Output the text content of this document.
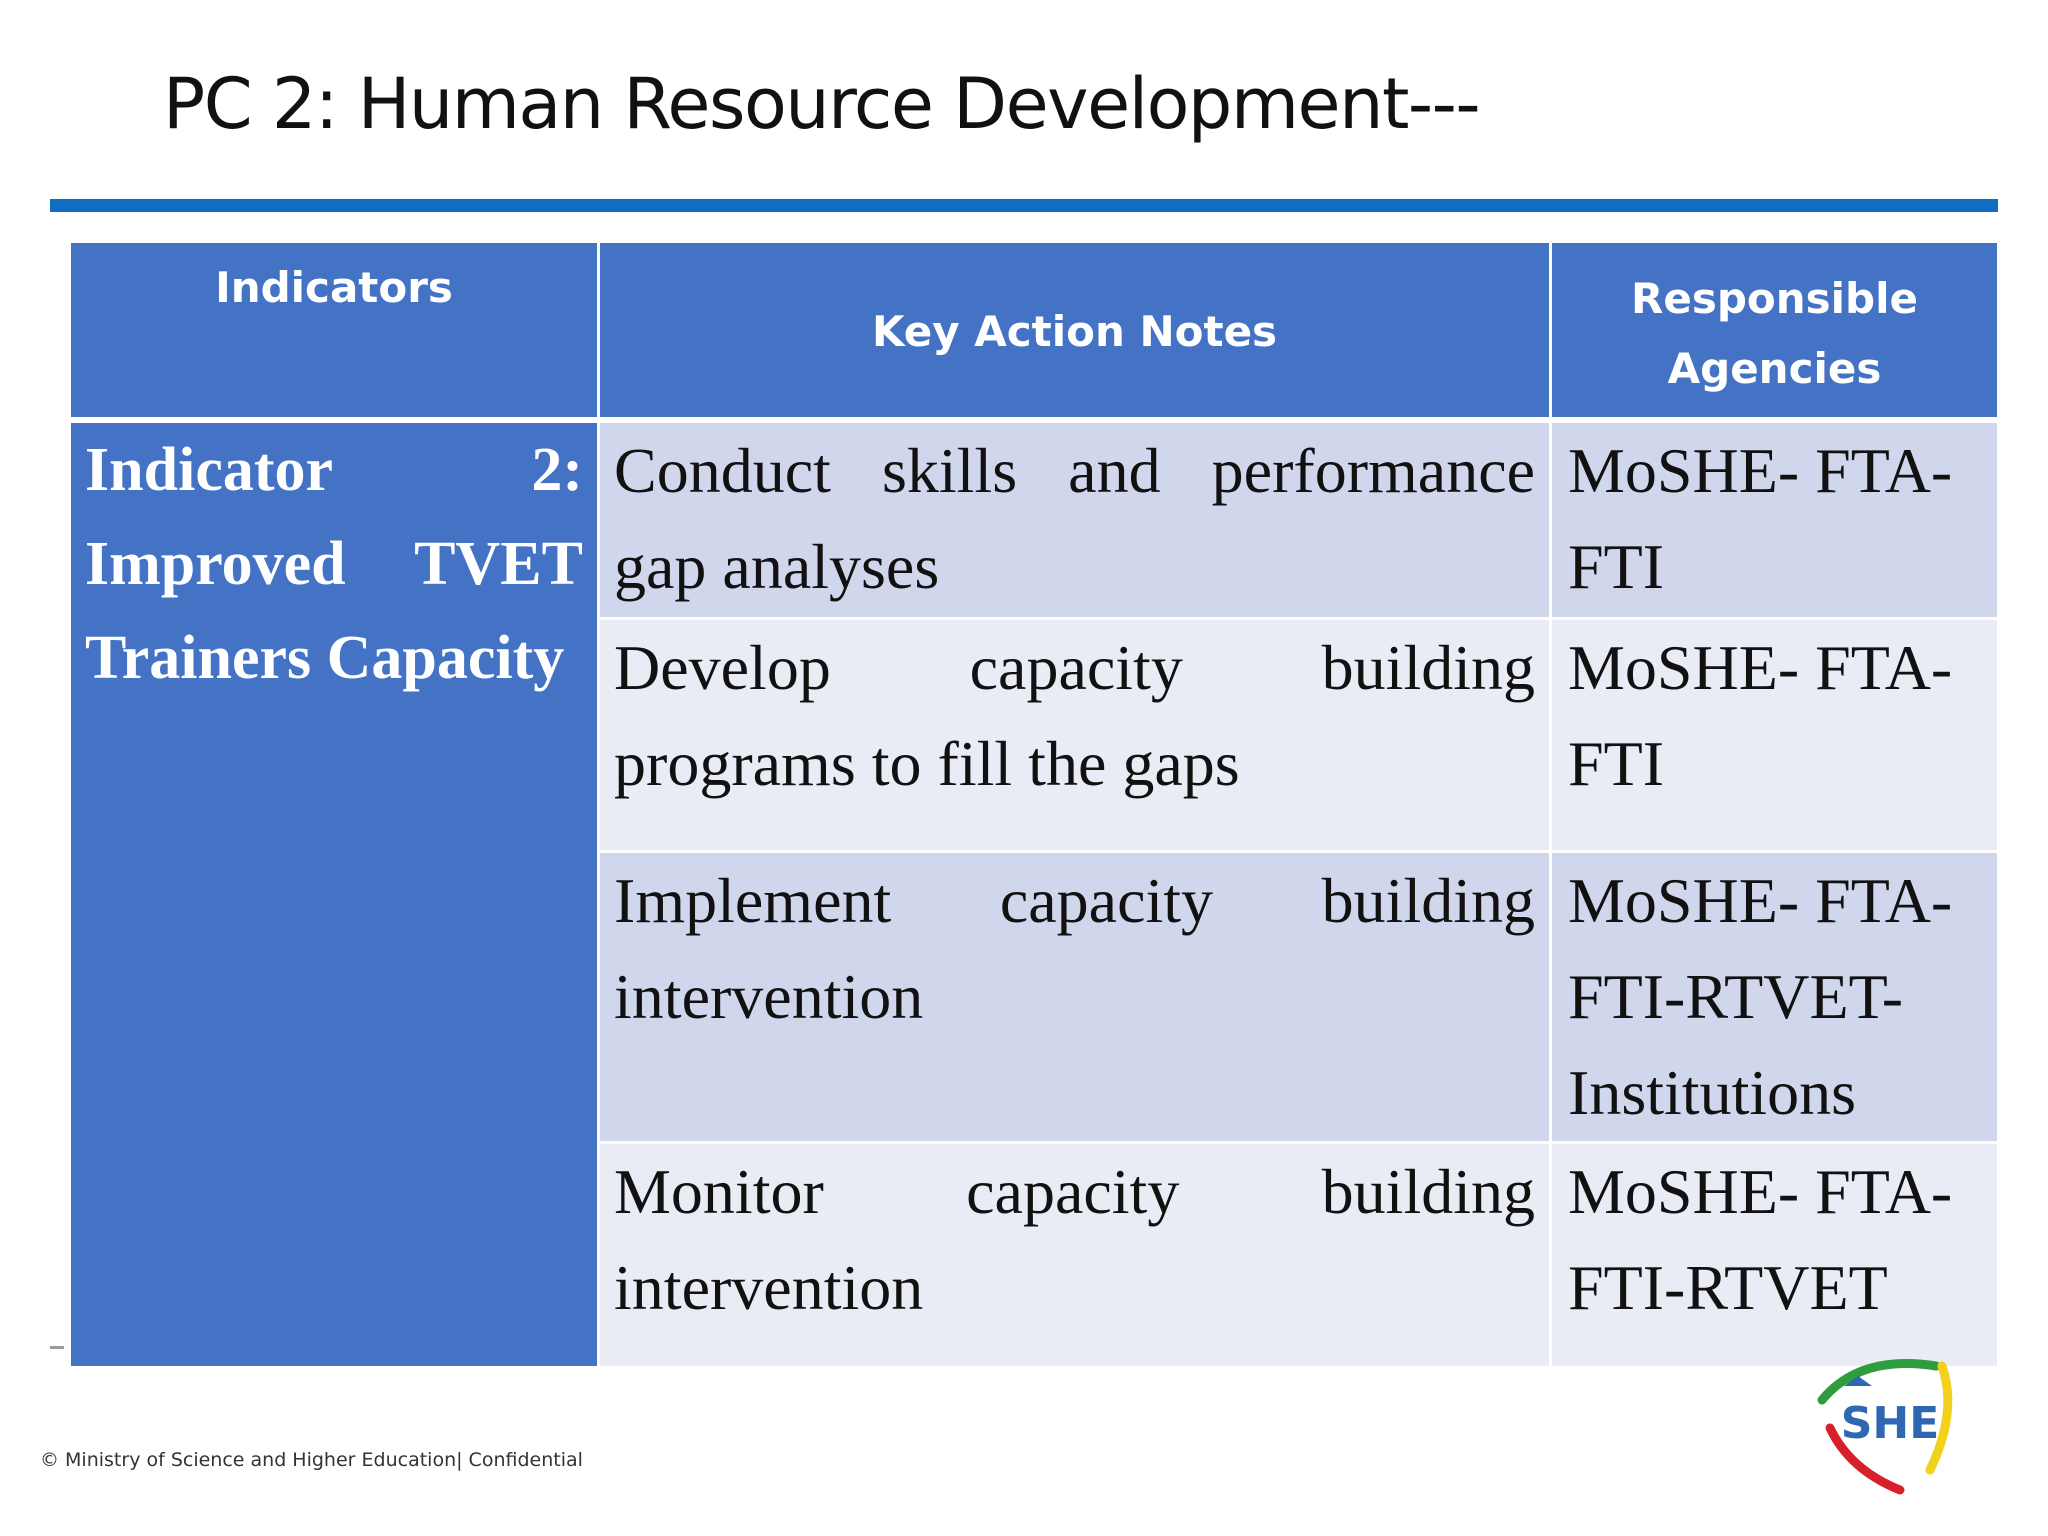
PC 2: Human Resource Development---
Indicators	Key Action Notes	Responsible
Agencies
Indicator 2: Improved TVET Trainers Capacity	Conduct skills and performance gap analyses	MoSHE- FTA-FTI
	Develop capacity building programs to fill the gaps	MoSHE- FTA-FTI
	Implement capacity building intervention	MoSHE- FTA-FTI-RTVET-Institutions
	Monitor capacity building intervention	MoSHE- FTA-FTI-RTVET
© Ministry of Science and Higher Education| Confidential
SHE
